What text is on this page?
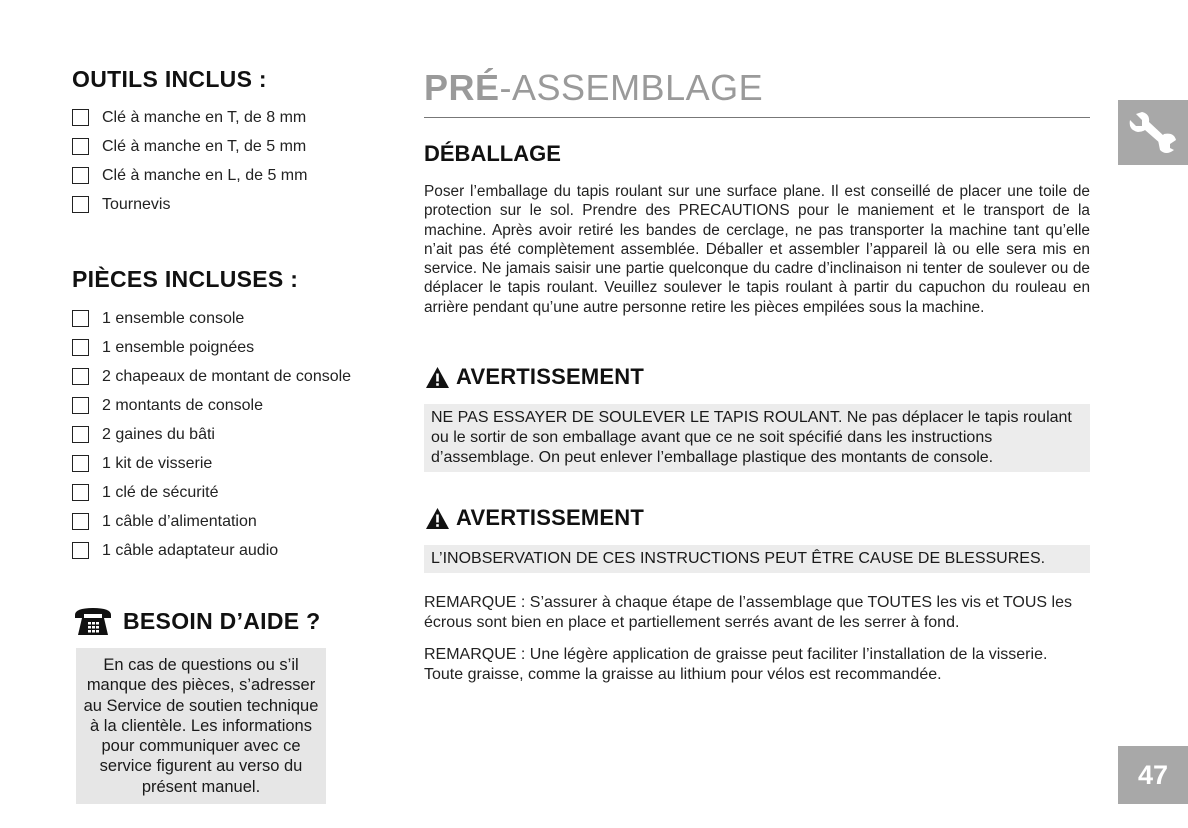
OUTILS INCLUS :
Clé à manche en T, de 8 mm
Clé à manche en T, de 5 mm
Clé à manche en L, de 5 mm
Tournevis
PIÈCES INCLUSES :
1 ensemble console
1 ensemble poignées
2 chapeaux de montant de console
2 montants de console
2 gaines du bâti
1 kit de visserie
1 clé de sécurité
1 câble d’alimentation
1 câble adaptateur audio
BESOIN D’AIDE ?
En cas de questions ou s’il manque des pièces, s’adresser au Service de soutien technique à la clientèle. Les informations pour communiquer avec ce service figurent au verso du présent manuel.
PRÉ-ASSEMBLAGE
DÉBALLAGE

Poser l’emballage du tapis roulant sur une surface plane. Il est conseillé de placer une toile de protection sur le sol. Prendre des PRECAUTIONS pour le maniement et le transport de la machine. Après avoir retiré les bandes de cerclage, ne pas transporter la machine tant qu’elle n’ait pas été complètement assemblée. Déballer et assembler l’appareil là ou elle sera mis en service. Ne jamais saisir une partie quelconque du cadre d’inclinaison ni tenter de soulever ou de déplacer le tapis roulant. Veuillez soulever le tapis roulant à partir du capuchon du rouleau en arrière pendant qu’une autre personne retire les pièces empilées sous la machine.

AVERTISSEMENT
NE PAS ESSAYER DE SOULEVER LE TAPIS ROULANT. Ne pas déplacer le tapis roulant ou le sortir de son emballage avant que ce ne soit spécifié dans les instructions d’assemblage. On peut enlever l’emballage plastique des montants de console.
AVERTISSEMENT
L’INOBSERVATION DE CES INSTRUCTIONS PEUT ÊTRE CAUSE DE BLESSURES.

REMARQUE : S’assurer à chaque étape de l’assemblage que TOUTES les vis et TOUS les écrous sont bien en place et partiellement serrés avant de les serrer à fond.

REMARQUE : Une légère application de graisse peut faciliter l’installation de la visserie. Toute graisse, comme la graisse au lithium pour vélos est recommandée.

47
